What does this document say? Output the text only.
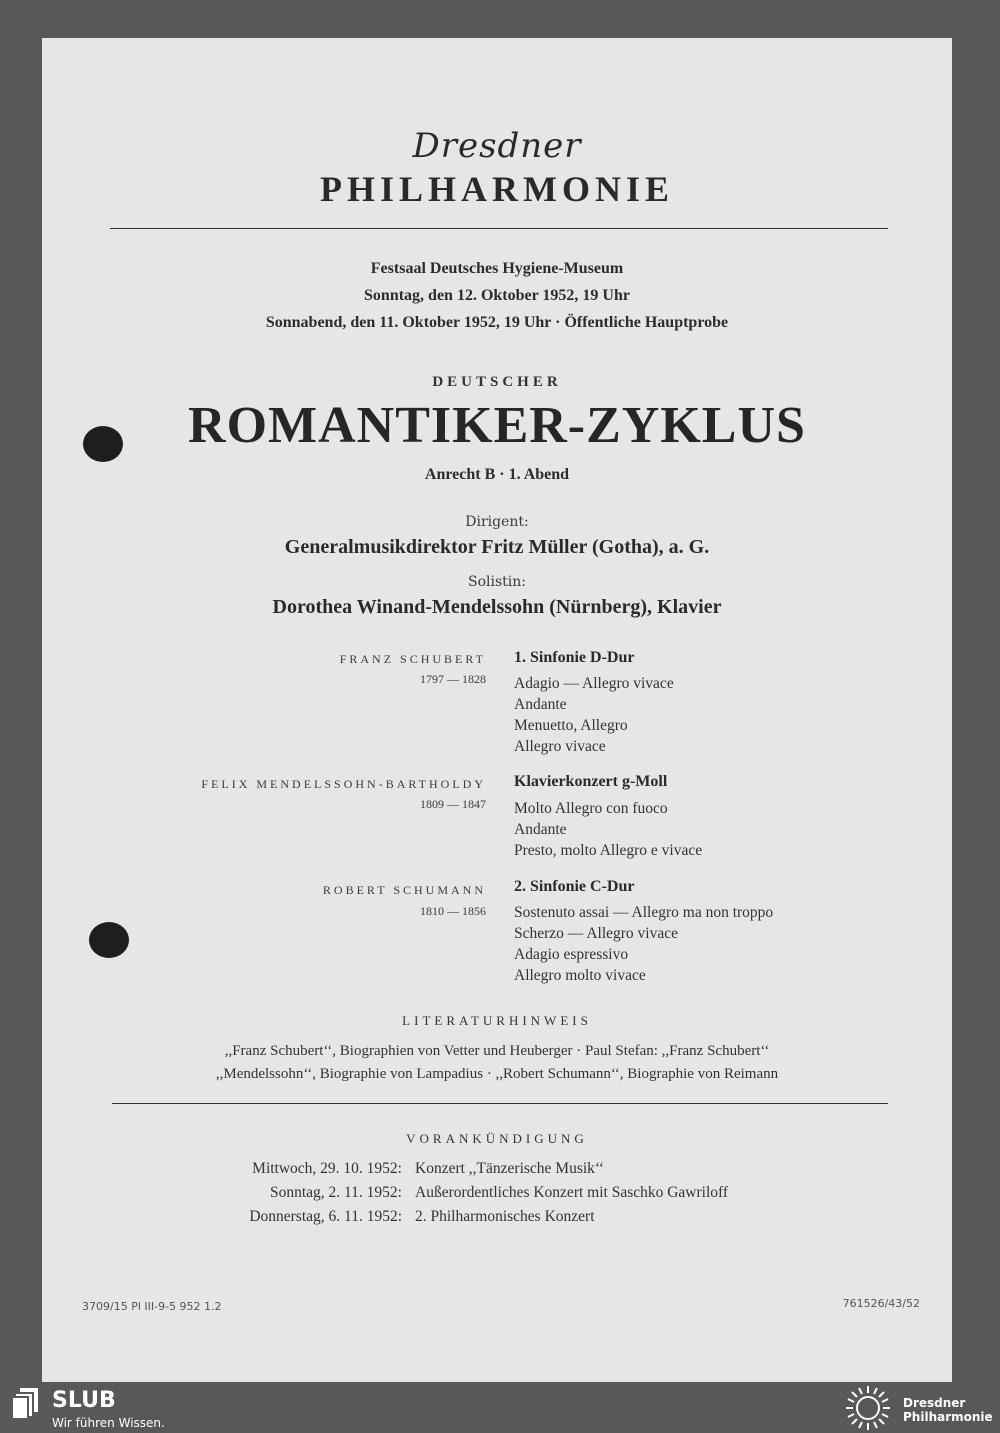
Dresdner
PHILHARMONIE
Festsaal Deutsches Hygiene-Museum
Sonntag, den 12. Oktober 1952, 19 Uhr
Sonnabend, den 11. Oktober 1952, 19 Uhr · Öffentliche Hauptprobe
DEUTSCHER
ROMANTIKER-ZYKLUS
Anrecht B · 1. Abend
Dirigent:
Generalmusikdirektor Fritz Müller (Gotha), a. G.
Solistin:
Dorothea Winand-Mendelssohn (Nürnberg), Klavier
FRANZ SCHUBERT
1797 — 1828
1. Sinfonie D-Dur
Adagio — Allegro vivace
Andante
Menuetto, Allegro
Allegro vivace
FELIX MENDELSSOHN-BARTHOLDY
1809 — 1847
Klavierkonzert g-Moll
Molto Allegro con fuoco
Andante
Presto, molto Allegro e vivace
ROBERT SCHUMANN
1810 — 1856
2. Sinfonie C-Dur
Sostenuto assai — Allegro ma non troppo
Scherzo — Allegro vivace
Adagio espressivo
Allegro molto vivace
LITERATURHINWEIS
,,Franz Schubert‘‘, Biographien von Vetter und Heuberger · Paul Stefan: ,,Franz Schubert‘‘
,,Mendelssohn‘‘, Biographie von Lampadius · ,,Robert Schumann‘‘, Biographie von Reimann
VORANKÜNDIGUNG
Mittwoch, 29. 10. 1952:
Sonntag, 2. 11. 1952:
Donnerstag, 6. 11. 1952:
Konzert ,,Tänzerische Musik‘‘
Außerordentliches Konzert mit Saschko Gawriloff
2. Philharmonisches Konzert
3709/15 Pl III-9-5 952 1.2	761526/43/52
SLUB
Wir führen Wissen.
Dresdner
Philharmonie
